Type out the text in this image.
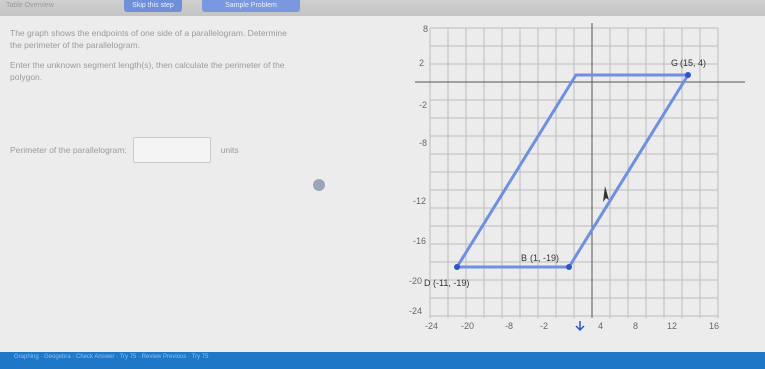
Table Overview	Skip this step	Sample Problem

The graph shows the endpoints of one side of a parallelogram. Determine the perimeter of the parallelogram.

Enter the unknown segment length(s), then calculate the perimeter of the polygon.

Perimeter of the parallelogram:	units
8
2
-2
-8
-12
-16
-20
-24
-24	-20	-8	-2	4	8	12	16
G (15, 4)
B (1, -19)
D (-11, -19)
Graphing · Geogebra · Check Answer · Try 75 · Review Previous · Try 75
